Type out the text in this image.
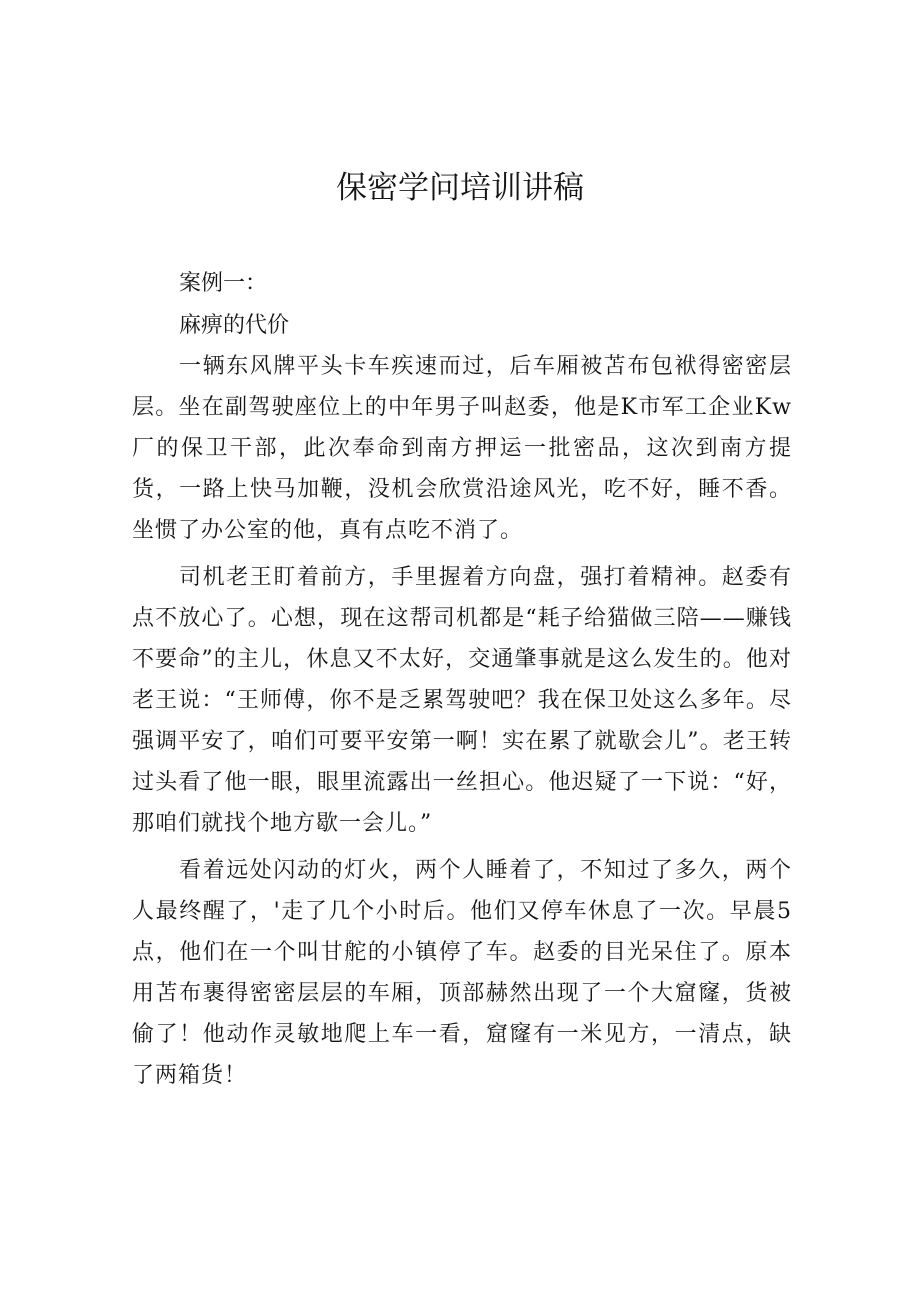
保密学问培训讲稿

案例一：

麻痹的代价

一辆东风牌平头卡车疾速而过，后车厢被苫布包袱得密密层层。坐在副驾驶座位上的中年男子叫赵委，他是K市军工企业Kw厂的保卫干部，此次奉命到南方押运一批密品，这次到南方提货，一路上快马加鞭，没机会欣赏沿途风光，吃不好，睡不香。坐惯了办公室的他，真有点吃不消了。

司机老王盯着前方，手里握着方向盘，强打着精神。赵委有点不放心了。心想，现在这帮司机都是“耗子给猫做三陪——赚钱不要命”的主儿，休息又不太好，交通肇事就是这么发生的。他对老王说：“王师傅，你不是乏累驾驶吧？我在保卫处这么多年。尽强调平安了，咱们可要平安第一啊！实在累了就歇会儿”。老王转过头看了他一眼，眼里流露出一丝担心。他迟疑了一下说：“好，那咱们就找个地方歇一会儿。”

看着远处闪动的灯火，两个人睡着了，不知过了多久，两个人最终醒了，'走了几个小时后。他们又停车休息了一次。早晨5点，他们在一个叫甘舵的小镇停了车。赵委的目光呆住了。原本用苫布裹得密密层层的车厢，顶部赫然出现了一个大窟窿，货被偷了！他动作灵敏地爬上车一看，窟窿有一米见方，一清点，缺了两箱货！
